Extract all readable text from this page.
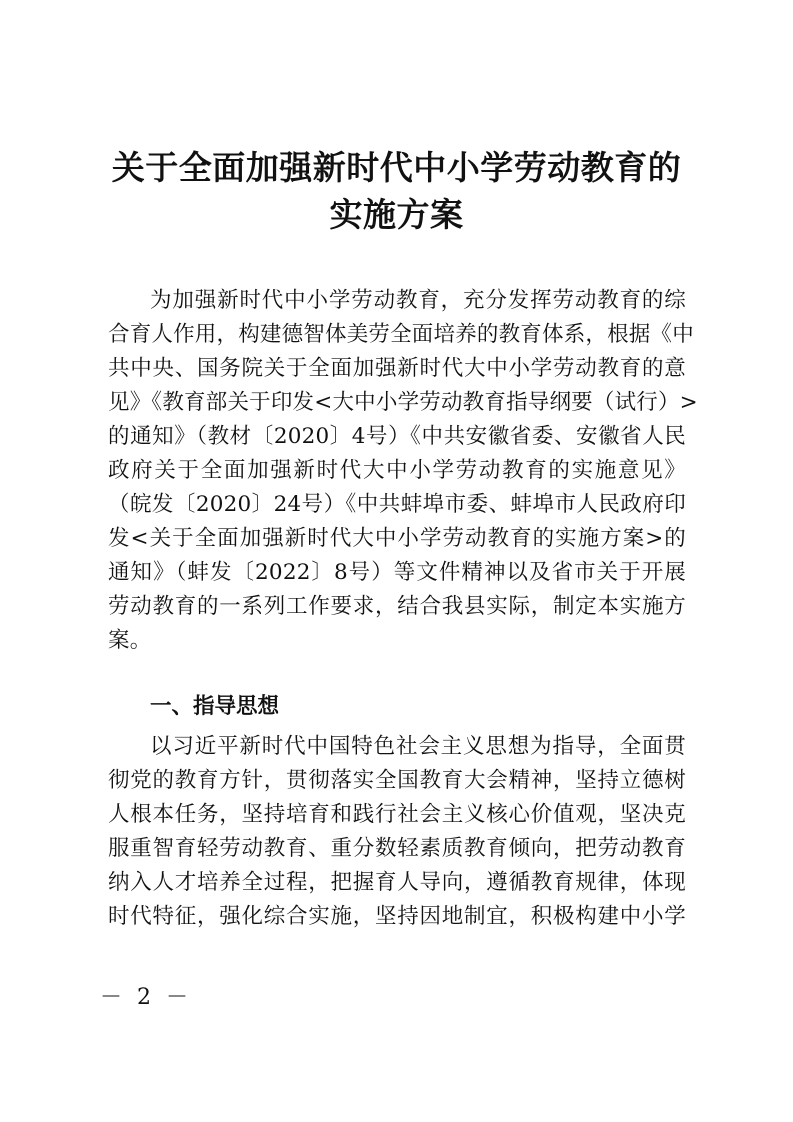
关于全面加强新时代中小学劳动教育的
实施方案
为加强新时代中小学劳动教育，充分发挥劳动教育的综
合育人作用，构建德智体美劳全面培养的教育体系，根据《中
共中央、国务院关于全面加强新时代大中小学劳动教育的意
见》《教育部关于印发<大中小学劳动教育指导纲要（试行）>
的通知》（教材〔2020〕4号）《中共安徽省委、安徽省人民
政府关于全面加强新时代大中小学劳动教育的实施意见》
（皖发〔2020〕24号）《中共蚌埠市委、蚌埠市人民政府印
发<关于全面加强新时代大中小学劳动教育的实施方案>的
通知》（蚌发〔2022〕8号）等文件精神以及省市关于开展
劳动教育的一系列工作要求，结合我县实际，制定本实施方
案。
一、指导思想
以习近平新时代中国特色社会主义思想为指导，全面贯
彻党的教育方针，贯彻落实全国教育大会精神，坚持立德树
人根本任务，坚持培育和践行社会主义核心价值观，坚决克
服重智育轻劳动教育、重分数轻素质教育倾向，把劳动教育
纳入人才培养全过程，把握育人导向，遵循教育规律，体现
时代特征，强化综合实施，坚持因地制宜，积极构建中小学
－ 2 －
